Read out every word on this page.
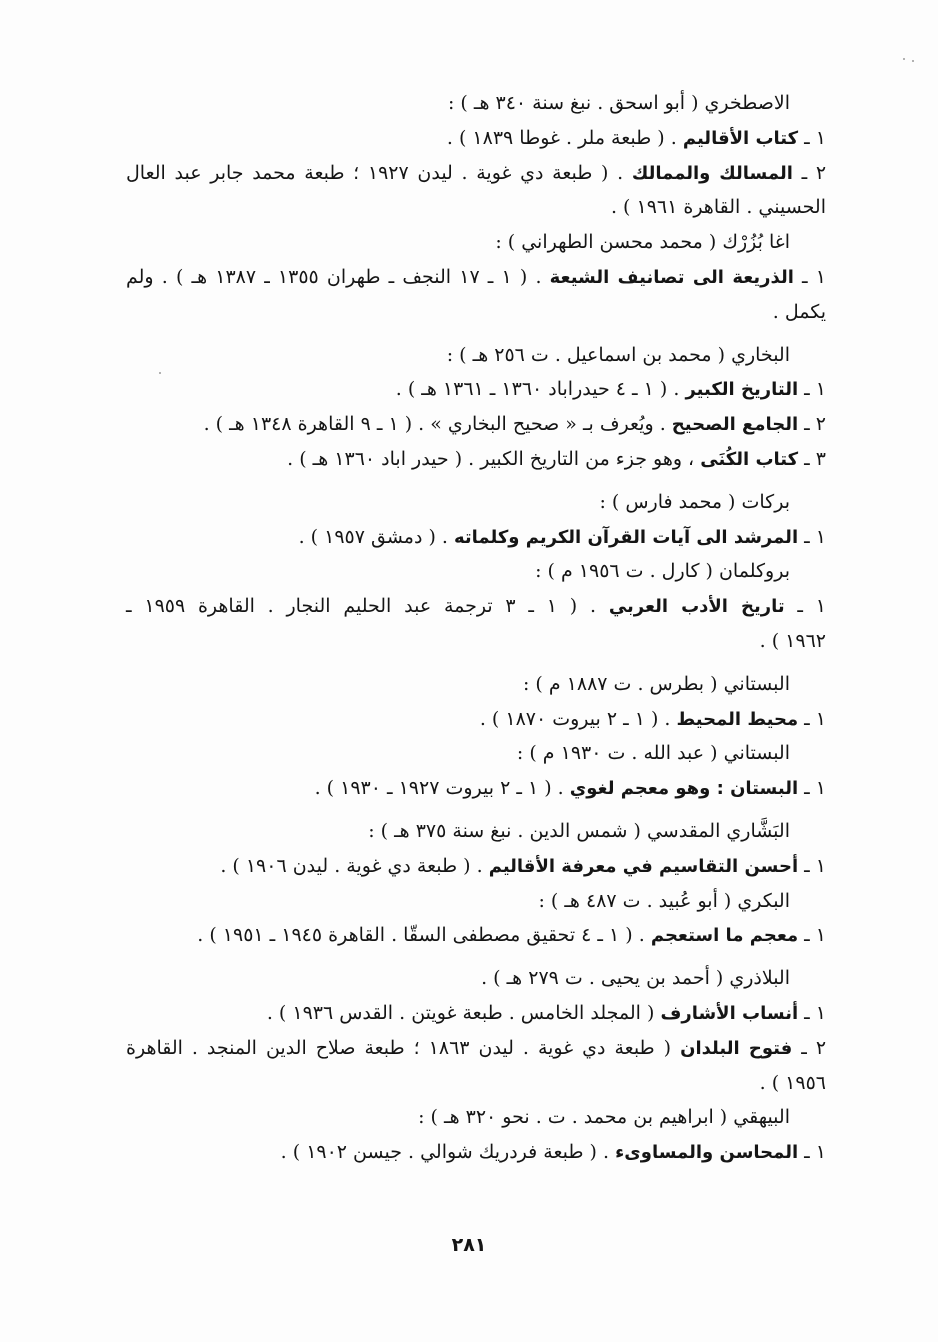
الاصطخري ( أبو اسحق . نبغ سنة ٣٤٠ هـ ) :
١ ـ كتاب الأقاليم . ( طبعة ملر . غوطا ١٨٣٩ ) .
٢ ـ المسالك والممالك . ( طبعة دي غوية . ليدن ١٩٢٧ ؛ طبعة محمد جابر عبد العال
الحسيني . القاهرة ١٩٦١ ) .
اغا بُزُرْك ( محمد محسن الطهراني ) :
١ ـ الذريعة الى تصانيف الشيعة . ( ١ ـ ١٧ النجف ـ طهران ١٣٥٥ ـ ١٣٨٧ هـ ) . ولم
يكمل .
البخاري ( محمد بن اسماعيل . ت ٢٥٦ هـ ) :
١ ـ التاريخ الكبير . ( ١ ـ ٤ حيدراباد ١٣٦٠ ـ ١٣٦١ هـ ) .
٢ ـ الجامع الصحيح . ويُعرف بـ « صحيح البخاري » . ( ١ ـ ٩ القاهرة ١٣٤٨ هـ ) .
٣ ـ كتاب الكُنَى ، وهو جزء من التاريخ الكبير . ( حيدر اباد ١٣٦٠ هـ ) .
بركات ( محمد فارس ) :
١ ـ المرشد الى آيات القرآن الكريم وكلماته . ( دمشق ١٩٥٧ ) .
بروكلمان ( كارل . ت ١٩٥٦ م ) :
١ ـ تاريخ الأدب العربي . ( ١ ـ ٣ ترجمة عبد الحليم النجار . القاهرة ١٩٥٩ ـ
١٩٦٢ ) .
البستاني ( بطرس . ت ١٨٨٧ م ) :
١ ـ محيط المحيط . ( ١ ـ ٢ بيروت ١٨٧٠ ) .
البستاني ( عبد الله . ت ١٩٣٠ م ) :
١ ـ البستان : وهو معجم لغوي . ( ١ ـ ٢ بيروت ١٩٢٧ ـ ١٩٣٠ ) .
البَشَّاري المقدسي ( شمس الدين . نبغ سنة ٣٧٥ هـ ) :
١ ـ أحسن التقاسيم في معرفة الأقاليم . ( طبعة دي غوية . ليدن ١٩٠٦ ) .
البكري ( أبو عُبيد . ت ٤٨٧ هـ ) :
١ ـ معجم ما استعجم . ( ١ ـ ٤ تحقيق مصطفى السقّا . القاهرة ١٩٤٥ ـ ١٩٥١ ) .
البلاذري ( أحمد بن يحيى . ت ٢٧٩ هـ ) .
١ ـ أنساب الأشارف ( المجلد الخامس . طبعة غويتن . القدس ١٩٣٦ ) .
٢ ـ فتوح البلدان ( طبعة دي غوية . ليدن ١٨٦٣ ؛ طبعة صلاح الدين المنجد . القاهرة
١٩٥٦ ) .
البيهقي ( ابراهيم بن محمد . ت . نحو ٣٢٠ هـ ) :
١ ـ المحاسن والمساوىء . ( طبعة فردريك شوالي . جيسن ١٩٠٢ ) .
٢٨١
